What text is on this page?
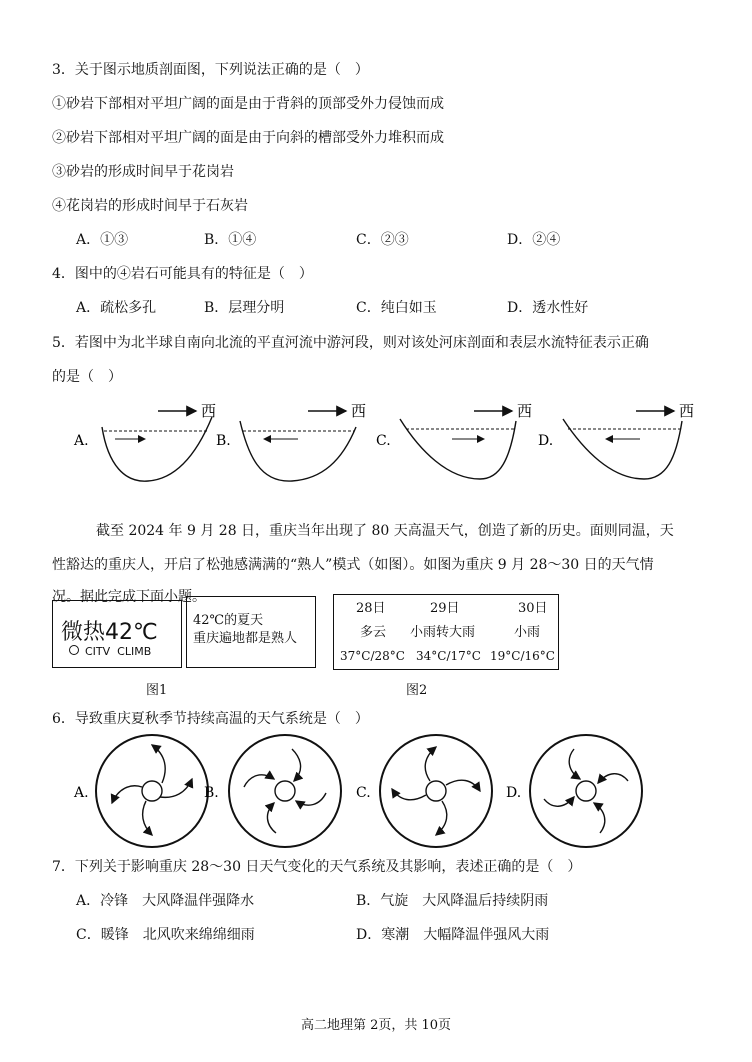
3．关于图示地质剖面图，下列说法正确的是（　）
①砂岩下部相对平坦广阔的面是由于背斜的顶部受外力侵蚀而成
②砂岩下部相对平坦广阔的面是由于向斜的槽部受外力堆积而成
③砂岩的形成时间早于花岗岩
④花岗岩的形成时间早于石灰岩
A．①③	B．①④	C．②③	D．②④
4．图中的④岩石可能具有的特征是（　）
A．疏松多孔	B．层理分明	C．纯白如玉	D．透水性好
5．若图中为北半球自南向北流的平直河流中游河段，则对该处河床剖面和表层水流特征表示正确
的是（　）
A.
西
B.
西
C.
西
D.
西
截至 2024 年 9 月 28 日，重庆当年出现了 80 天高温天气，创造了新的历史。面则同温，天
性豁达的重庆人，开启了松弛感满满的“熟人”模式（如图）。如图为重庆 9 月 28～30 日的天气情
况。据此完成下面小题。
微热42℃
CITV  CLIMB
42℃的夏天
重庆遍地都是熟人
图1
28日	29日	30日
多云 小雨转大雨	小雨
37°C/28°C 34°C/17°C 19°C/16°C
图2
6．导致重庆夏秋季节持续高温的天气系统是（　）
A.	B.	C.	D.
7．下列关于影响重庆 28～30 日天气变化的天气系统及其影响，表述正确的是（　）
A．冷锋　大风降温伴强降水	B．气旋　大风降温后持续阴雨
C．暖锋　北风吹来绵绵细雨	D．寒潮　大幅降温伴强风大雨
高二地理第 2页，共 10页
